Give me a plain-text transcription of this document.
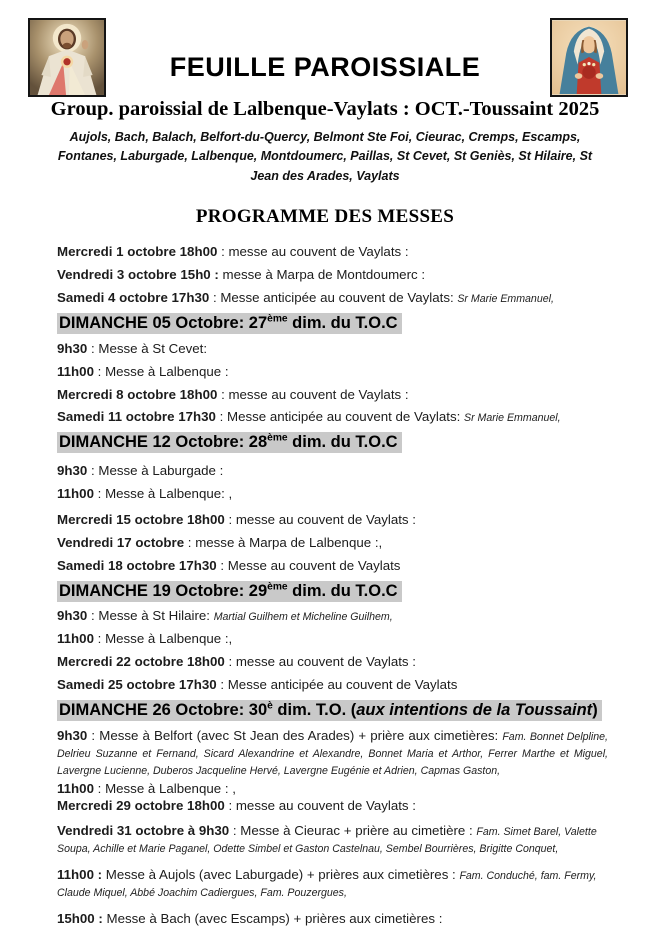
FEUILLE PAROISSIALE
Group. paroissial de Lalbenque-Vaylats : OCT.-Toussaint 2025

Aujols, Bach, Balach, Belfort-du-Quercy, Belmont Ste Foi, Cieurac, Cremps, Escamps, Fontanes, Laburgade, Lalbenque, Montdoumerc, Paillas, St Cevet, St Geniès, St Hilaire, St Jean des Arades, Vaylats

PROGRAMME DES MESSES
Mercredi 1 octobre 18h00 : messe au couvent de Vaylats :
Vendredi 3 octobre 15h0 : messe à Marpa de Montdoumerc :
Samedi 4 octobre 17h30 : Messe anticipée au couvent de Vaylats: Sr Marie Emmanuel,
DIMANCHE 05 Octobre: 27ème dim. du T.O.C
9h30 : Messe à St Cevet:
11h00 : Messe à Lalbenque :
Mercredi 8 octobre 18h00 : messe au couvent de Vaylats :
Samedi 11 octobre 17h30 : Messe anticipée au couvent de Vaylats: Sr Marie Emmanuel,
DIMANCHE 12 Octobre: 28ème dim. du T.O.C
9h30 : Messe à Laburgade :
11h00 : Messe à Lalbenque: ,
Mercredi 15 octobre 18h00 : messe au couvent de Vaylats :
Vendredi 17 octobre : messe à Marpa de Lalbenque :,
Samedi 18 octobre 17h30 : Messe au couvent de Vaylats
DIMANCHE 19 Octobre: 29ème dim. du T.O.C
9h30 : Messe à St Hilaire: Martial Guilhem et Micheline Guilhem,
11h00 : Messe à Lalbenque :,
Mercredi 22 octobre 18h00 : messe au couvent de Vaylats :
Samedi 25 octobre 17h30 : Messe anticipée au couvent de Vaylats
DIMANCHE 26 Octobre: $30^è$ dim. T.O. (aux intentions de la Toussaint)
9h30 : Messe à Belfort (avec St Jean des Arades) + prière aux cimetières: Fam. Bonnet Delpline, Delrieu Suzanne et Fernand, Sicard Alexandrine et Alexandre, Bonnet Maria et Arthor, Ferrer Marthe et Miguel, Lavergne Lucienne, Duberos Jacqueline Hervé, Lavergne Eugénie et Adrien, Capmas Gaston,
11h00 : Messe à Lalbenque : ,
Mercredi 29 octobre 18h00 : messe au couvent de Vaylats :
Vendredi 31 octobre à 9h30 : Messe à Cieurac + prière au cimetière : Fam. Simet Barel, Valette Soupa, Achille et Marie Paganel, Odette Simbel et Gaston Castelnau, Sembel Bourrières, Brigitte Conquet,
11h00 : Messe à Aujols (avec Laburgade) + prières aux cimetières : Fam. Conduché, fam. Fermy, Claude Miquel, Abbé Joachim Cadiergues, Fam. Pouzergues,
15h00 : Messe à Bach (avec Escamps) + prières aux cimetières :
